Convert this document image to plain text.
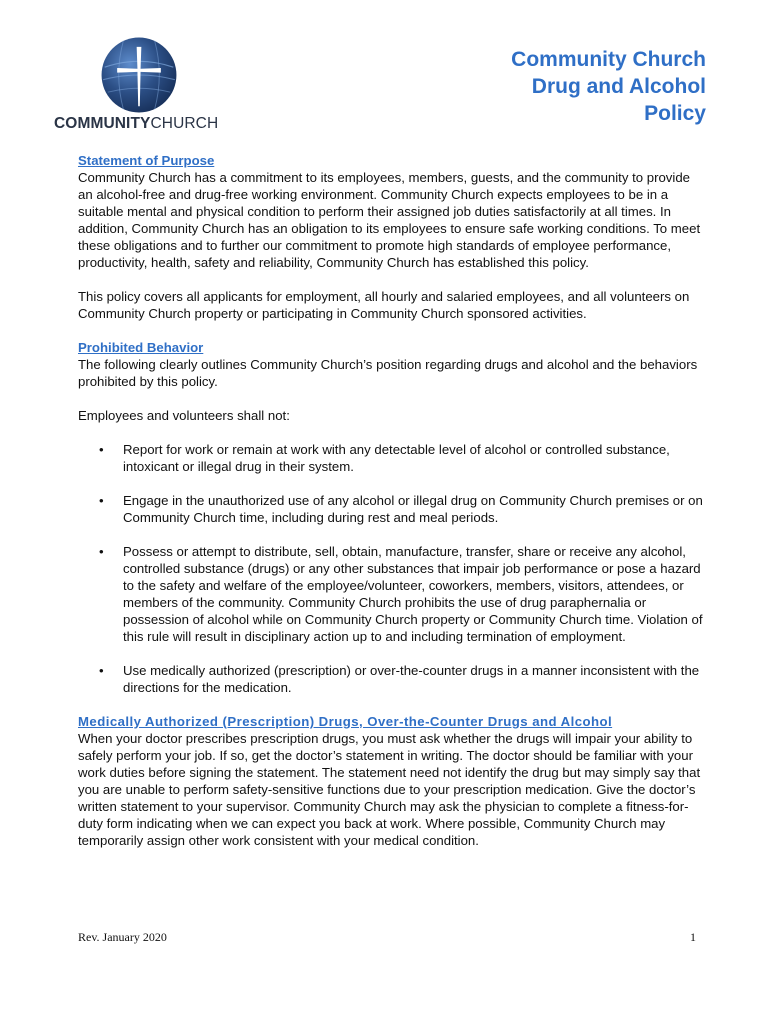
COMMUNITYCHURCH
Community Church
Drug and Alcohol
Policy
Statement of Purpose

Community Church has a commitment to its employees, members, guests, and the community to provide an alcohol-free and drug-free working environment. Community Church expects employees to be in a suitable mental and physical condition to perform their assigned job duties satisfactorily at all times. In addition, Community Church has an obligation to its employees to ensure safe working conditions. To meet these obligations and to further our commitment to promote high standards of employee performance, productivity, health, safety and reliability, Community Church has established this policy.

This policy covers all applicants for employment, all hourly and salaried employees, and all volunteers on Community Church property or participating in Community Church sponsored activities.

Prohibited Behavior

The following clearly outlines Community Church’s position regarding drugs and alcohol and the behaviors prohibited by this policy.

Employees and volunteers shall not:

• Report for work or remain at work with any detectable level of alcohol or controlled substance, intoxicant or illegal drug in their system.
• Engage in the unauthorized use of any alcohol or illegal drug on Community Church premises or on Community Church time, including during rest and meal periods.
• Possess or attempt to distribute, sell, obtain, manufacture, transfer, share or receive any alcohol, controlled substance (drugs) or any other substances that impair job performance or pose a hazard to the safety and welfare of the employee/volunteer, coworkers, members, visitors, attendees, or members of the community. Community Church prohibits the use of drug paraphernalia or possession of alcohol while on Community Church property or Community Church time. Violation of this rule will result in disciplinary action up to and including termination of employment.
• Use medically authorized (prescription) or over-the-counter drugs in a manner inconsistent with the directions for the medication.
Medically Authorized (Prescription) Drugs, Over-the-Counter Drugs and Alcohol

When your doctor prescribes prescription drugs, you must ask whether the drugs will impair your ability to safely perform your job. If so, get the doctor’s statement in writing. The doctor should be familiar with your work duties before signing the statement. The statement need not identify the drug but may simply say that you are unable to perform safety-sensitive functions due to your prescription medication. Give the doctor’s written statement to your supervisor. Community Church may ask the physician to complete a fitness-for-duty form indicating when we can expect you back at work. Where possible, Community Church may temporarily assign other work consistent with your medical condition.

Rev. January 2020	1
